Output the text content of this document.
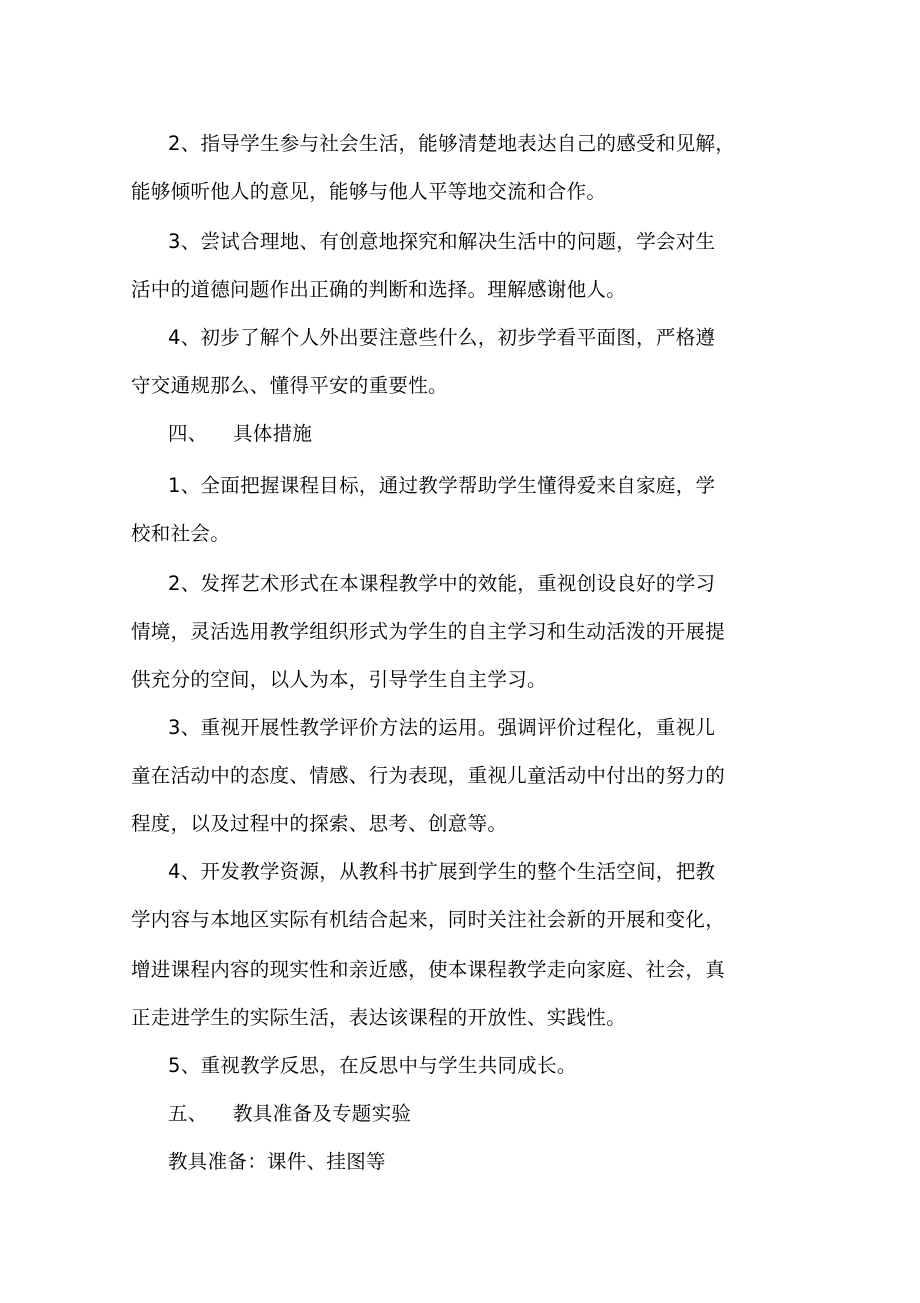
2、指导学生参与社会生活，能够清楚地表达自己的感受和见解，
能够倾听他人的意见，能够与他人平等地交流和合作。
3、尝试合理地、有创意地探究和解决生活中的问题，学会对生
活中的道德问题作出正确的判断和选择。理解感谢他人。
4、初步了解个人外出要注意些什么，初步学看平面图，严格遵
守交通规那么、懂得平安的重要性。
四、 具体措施
1、全面把握课程目标，通过教学帮助学生懂得爱来自家庭，学
校和社会。
2、发挥艺术形式在本课程教学中的效能，重视创设良好的学习
情境，灵活选用教学组织形式为学生的自主学习和生动活泼的开展提
供充分的空间，以人为本，引导学生自主学习。
3、重视开展性教学评价方法的运用。强调评价过程化，重视儿
童在活动中的态度、情感、行为表现，重视儿童活动中付出的努力的
程度，以及过程中的探索、思考、创意等。
4、开发教学资源，从教科书扩展到学生的整个生活空间，把教
学内容与本地区实际有机结合起来，同时关注社会新的开展和变化，
增进课程内容的现实性和亲近感，使本课程教学走向家庭、社会，真
正走进学生的实际生活，表达该课程的开放性、实践性。
5、重视教学反思，在反思中与学生共同成长。
五、 教具准备及专题实验
教具准备：课件、挂图等
